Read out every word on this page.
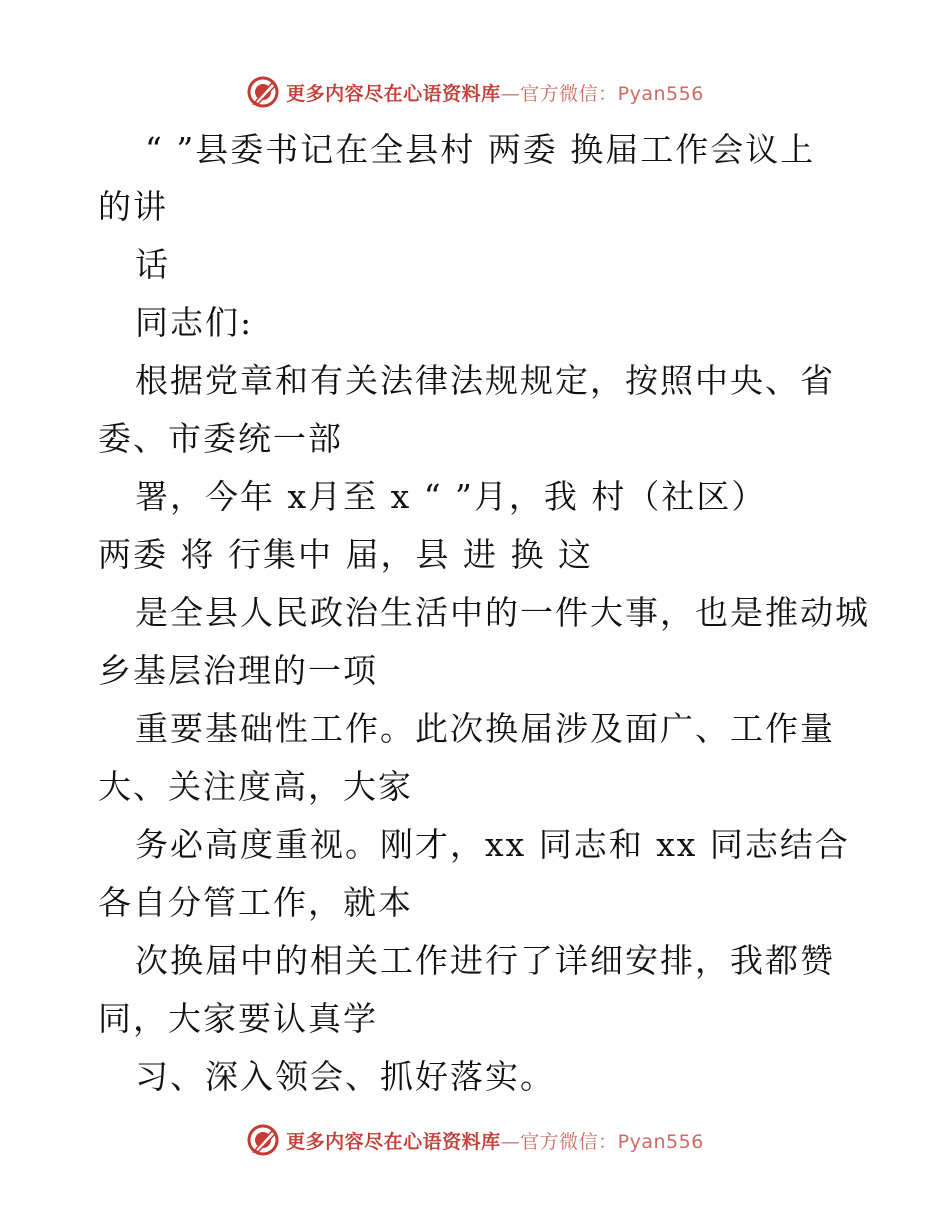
更多内容尽在心语资料库—官方微信：Pyan556
“ ”县委书记在全县村 两委 换届工作会议上
的讲
话
同志们:
根据党章和有关法律法规规定，按照中央、省
委、市委统一部
署，今年 x月至 x “ ”月，我 村（社区）
两委 将 行集中 届，县 进 换 这
是全县人民政治生活中的一件大事，也是推动城
乡基层治理的一项
重要基础性工作。此次换届涉及面广、工作量
大、关注度高，大家
务必高度重视。刚才，xx 同志和 xx 同志结合
各自分管工作，就本
次换届中的相关工作进行了详细安排，我都赞
同，大家要认真学
习、深入领会、抓好落实。
更多内容尽在心语资料库—官方微信：Pyan556
